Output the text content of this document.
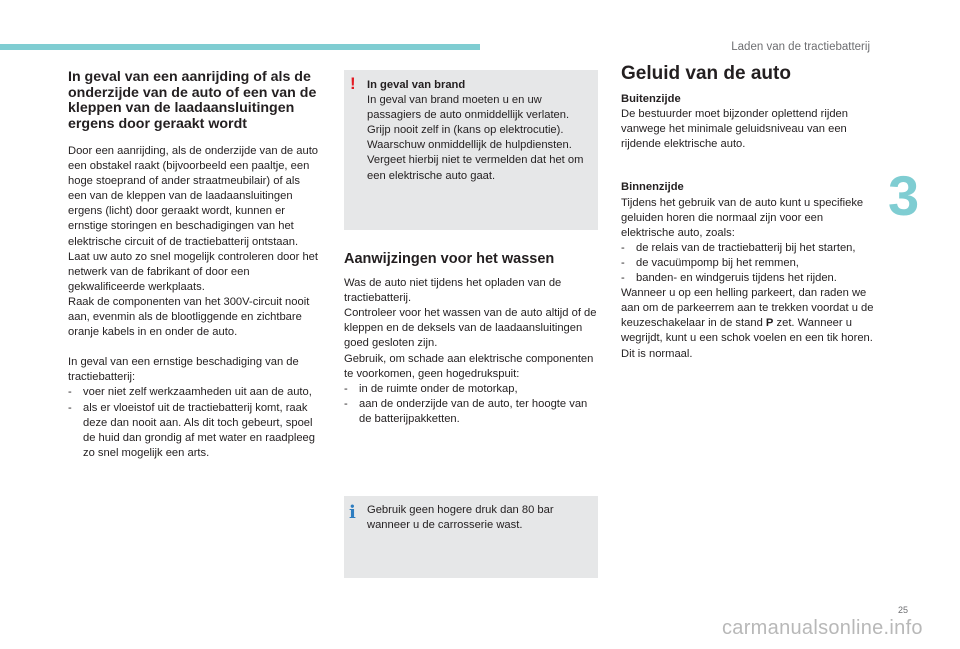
Laden van de tractiebatterij
3
25
In geval van een aanrijding of als de onderzijde van de auto of een van de kleppen van de laadaansluitingen ergens door geraakt wordt

Door een aanrijding, als de onderzijde van de auto een obstakel raakt (bijvoorbeeld een paaltje, een hoge stoeprand of ander straatmeubilair) of als een van de kleppen van de laadaansluitingen ergens (licht) door geraakt wordt, kunnen er ernstige storingen en beschadigingen van het elektrische circuit of de tractiebatterij ontstaan. Laat uw auto zo snel mogelijk controleren door het netwerk van de fabrikant of door een gekwalificeerde werkplaats.

Raak de componenten van het 300V-circuit nooit aan, evenmin als de blootliggende en zichtbare oranje kabels in en onder de auto.

In geval van een ernstige beschadiging van de tractiebatterij:

- voer niet zelf werkzaamheden uit aan de auto,
- als er vloeistof uit de tractiebatterij komt, raak deze dan nooit aan. Als dit toch gebeurt, spoel de huid dan grondig af met water en raadpleeg zo snel mogelijk een arts.
! In geval van brand

In geval van brand moeten u en uw passagiers de auto onmiddellijk verlaten. Grijp nooit zelf in (kans op elektrocutie). Waarschuw onmiddellijk de hulpdiensten. Vergeet hierbij niet te vermelden dat het om een elektrische auto gaat.

Aanwijzingen voor het wassen

Was de auto niet tijdens het opladen van de tractiebatterij.

Controleer voor het wassen van de auto altijd of de kleppen en de deksels van de laadaansluitingen goed gesloten zijn.

Gebruik, om schade aan elektrische componenten te voorkomen, geen hogedrukspuit:

- in de ruimte onder de motorkap,
- aan de onderzijde van de auto, ter hoogte van de batterijpakketten.
i Gebruik geen hogere druk dan 80 bar wanneer u de carrosserie wast.

Geluid van de auto

Buitenzijde

De bestuurder moet bijzonder oplettend rijden vanwege het minimale geluidsniveau van een rijdende elektrische auto.

Binnenzijde

Tijdens het gebruik van de auto kunt u specifieke geluiden horen die normaal zijn voor een elektrische auto, zoals:

- de relais van de tractiebatterij bij het starten,
- de vacuümpomp bij het remmen,
- banden- en windgeruis tijdens het rijden.

Wanneer u op een helling parkeert, dan raden we aan om de parkeerrem aan te trekken voordat u de keuzeschakelaar in de stand P zet. Wanneer u wegrijdt, kunt u een schok voelen en een tik horen. Dit is normaal.

carmanualsonline.info
